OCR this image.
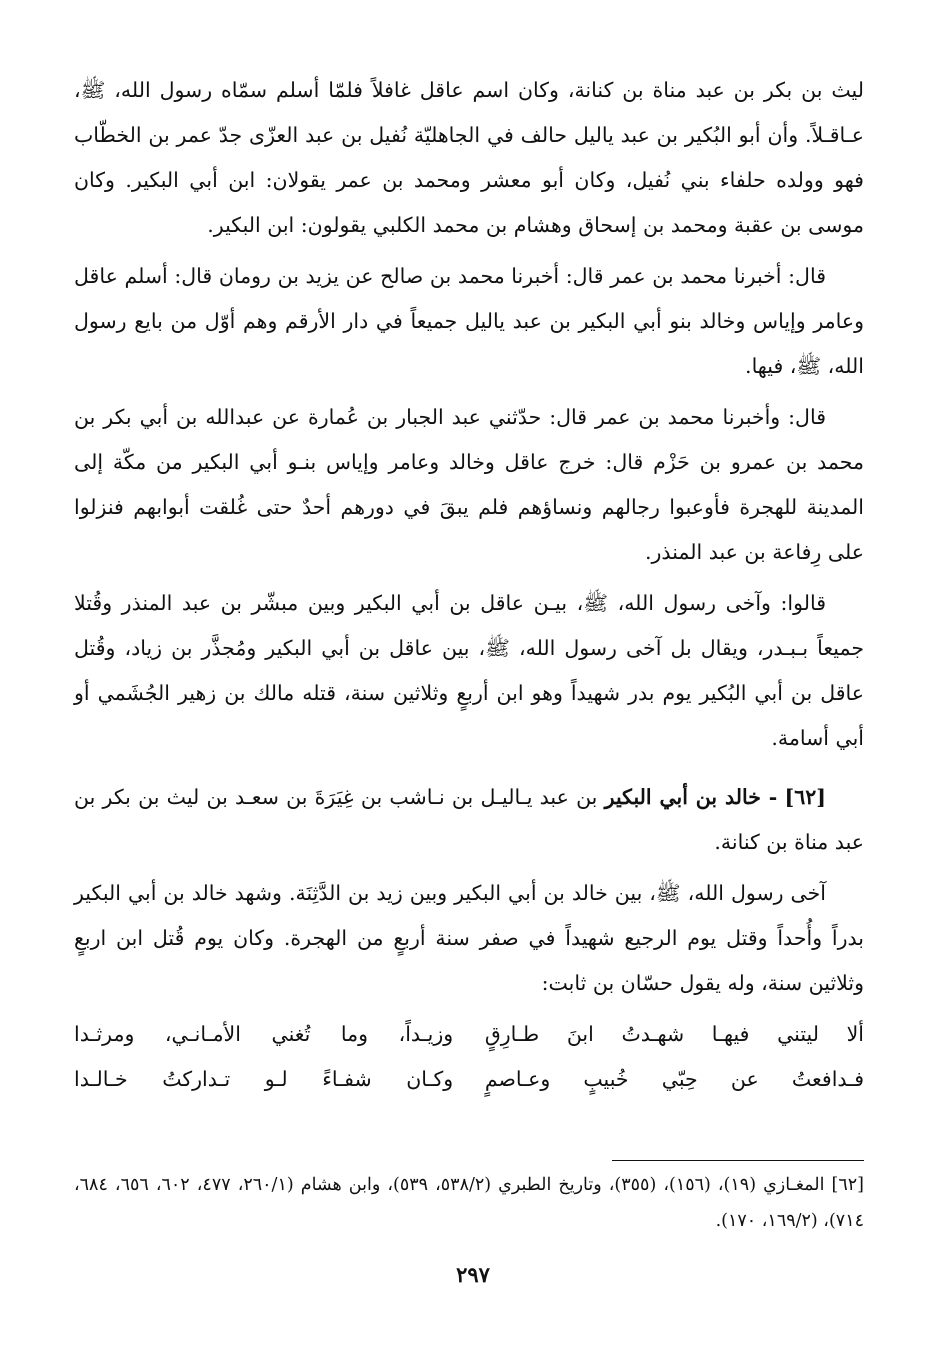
ليث بن بكر بن عبد مناة بن كنانة، وكان اسم عاقل غافلاً فلمّا أسلم سمّاه رسول الله، ﷺ، عـاقـلاً. وأن أبو البُكير بن عبد ياليل حالف في الجاهليّة نُفيل بن عبد العزّى جدّ عمر بن الخطّاب فهو وولده حلفاء بني نُفيل، وكان أبو معشر ومحمد بن عمر يقولان: ابن أبي البكير. وكان موسى بن عقبة ومحمد بن إسحاق وهشام بن محمد الكلبي يقولون: ابن البكير.

قال: أخبرنا محمد بن عمر قال: أخبرنا محمد بن صالح عن يزيد بن رومان قال: أسلم عاقل وعامر وإياس وخالد بنو أبي البكير بن عبد ياليل جميعاً في دار الأرقم وهم أوّل من بايع رسول الله، ﷺ، فيها.

قال: وأخبرنا محمد بن عمر قال: حدّثني عبد الجبار بن عُمارة عن عبدالله بن أبي بكر بن محمد بن عمرو بن حَزْم قال: خرج عاقل وخالد وعامر وإياس بنـو أبي البكير من مكّة إلى المدينة للهجرة فأوعبوا رجالهم ونساؤهم فلم يبقَ في دورهم أحدٌ حتى غُلقت أبوابهم فنزلوا على رِفاعة بن عبد المنذر.

قالوا: وآخى رسول الله، ﷺ، بيـن عاقل بن أبي البكير وبين مبشّر بن عبد المنذر وقُتلا جميعاً بـبـدر، ويقال بل آخى رسول الله، ﷺ، بين عاقل بن أبي البكير ومُجذَّر بن زياد، وقُتل عاقل بن أبي البُكير يوم بدر شهيداً وهو ابن أربعٍ وثلاثين سنة، قتله مالك بن زهير الجُشَمي أو أبي أسامة.

[٦٢] - خالد بن أبي البكير بن عبد يـاليـل بن نـاشب بن غِيَرَةَ بن سعـد بن ليث بن بكر بن عبد مناة بن كنانة.

آخى رسول الله، ﷺ، بين خالد بن أبي البكير وبين زيد بن الدَّثِنَة. وشهد خالد بن أبي البكير بدراً وأُحداً وقتل يوم الرجيع شهيداً في صفر سنة أربعٍ من الهجرة. وكان يوم قُتل ابن اربعٍ وثلاثين سنة، وله يقول حسّان بن ثابت:

ألا ليتني فيهـا شهـدتُ ابنَ طـارِقٍ
وزيـداً، وما تُغني الأمـانـي، ومرثـدا
فـدافعتُ عن حِبّي خُبيبٍ وعـاصمٍ
وكـان شفـاءً لـو تـداركتُ خـالـدا

[٦٢] المغـازي (١٩)، (١٥٦)، (٣٥٥)، وتاريخ الطبري (٥٣٨/٢، ٥٣٩)، وابن هشام (٢٦٠/١، ٤٧٧، ٦٠٢، ٦٥٦، ٦٨٤، ٧١٤)، (١٦٩/٢، ١٧٠).

٢٩٧
